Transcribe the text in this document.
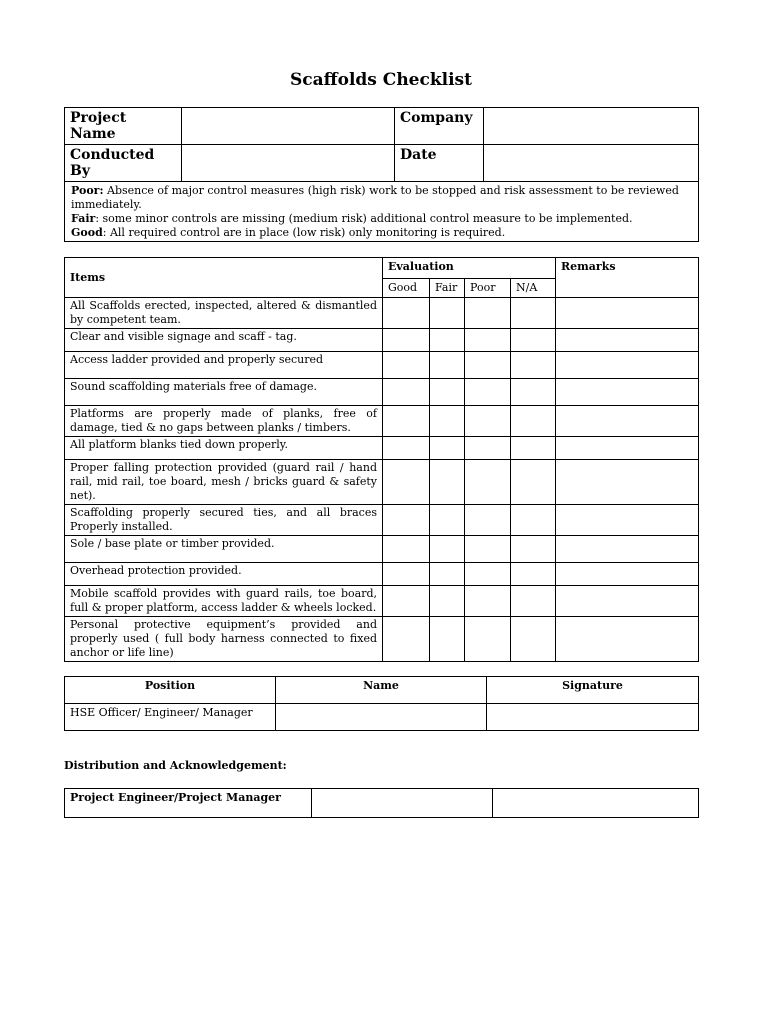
Scaffolds Checklist
Project Name		Company	
Conducted By		Date	

Poor: Absence of major control measures (high risk) work to be stopped and risk assessment to be reviewed immediately.
Fair: some minor controls are missing (medium risk) additional control measure to be implemented.
Good: All required control are in place (low risk) only monitoring is required.			
Items	Evaluation				Remarks
	Good	Fair	Poor	N/A	
All Scaffolds erected, inspected, altered & dismantled by competent team.					
Clear and visible signage and scaff - tag.					
Access ladder provided and properly secured					
Sound scaffolding materials free of damage.					
Platforms are properly made of planks, free of damage, tied & no gaps between planks / timbers.					
All platform blanks tied down properly.					
Proper falling protection provided (guard rail / hand rail, mid rail, toe board, mesh / bricks guard & safety net).					
Scaffolding properly secured ties, and all braces Properly installed.					
Sole / base plate or timber provided.					
Overhead protection provided.					
Mobile scaffold provides with guard rails, toe board, full & proper platform, access ladder & wheels locked.					
Personal protective equipment’s provided and properly used ( full body harness connected to fixed anchor or life line)					
Position	Name	Signature
HSE Officer/ Engineer/ Manager		
Distribution and Acknowledgement:
Project Engineer/Project Manager		
